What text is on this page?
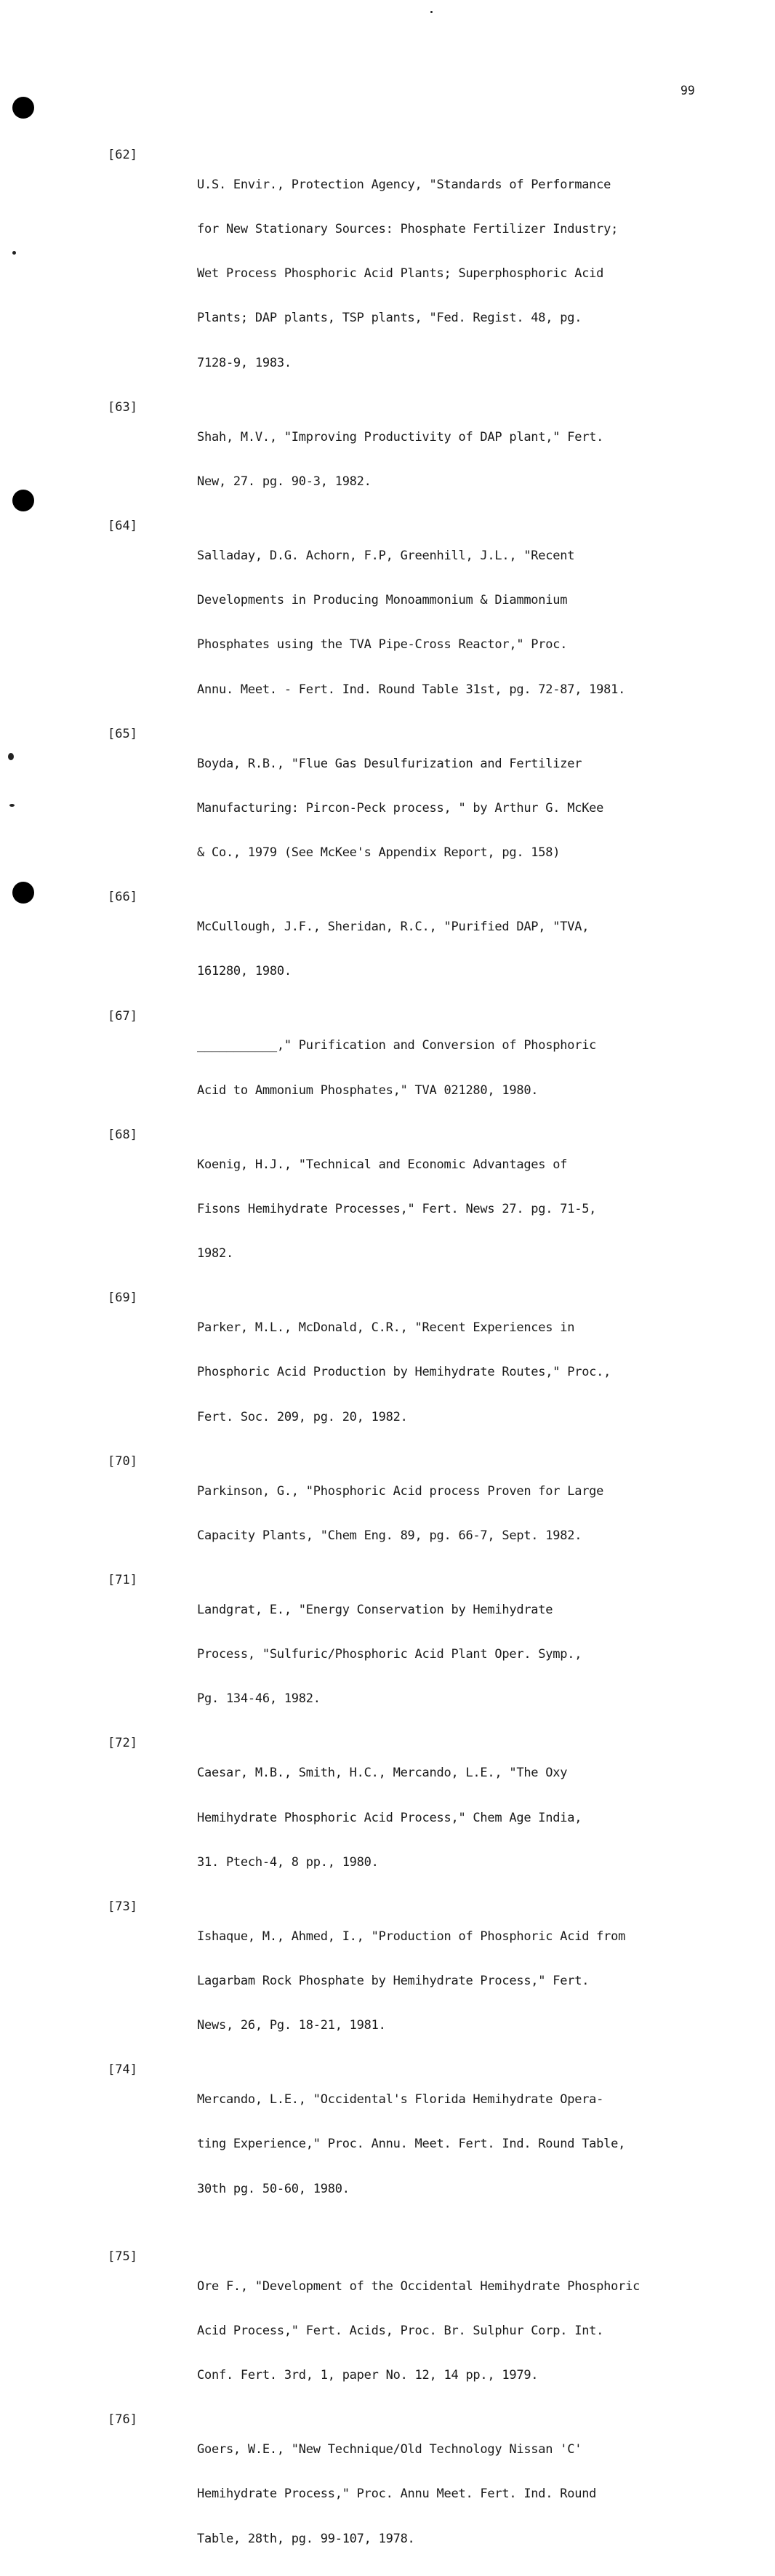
99
[62]

U.S. Envir., Protection Agency, "Standards of Performance

for New Stationary Sources: Phosphate Fertilizer Industry;

Wet Process Phosphoric Acid Plants; Superphosphoric Acid

Plants; DAP plants, TSP plants, "Fed. Regist. 48, pg.

7128-9, 1983.

[63]

Shah, M.V., "Improving Productivity of DAP plant," Fert.

New, 27. pg. 90-3, 1982.

[64]

Salladay, D.G. Achorn, F.P, Greenhill, J.L., "Recent

Developments in Producing Monoammonium & Diammonium

Phosphates using the TVA Pipe-Cross Reactor," Proc.

Annu. Meet. - Fert. Ind. Round Table 31st, pg. 72-87, 1981.

[65]

Boyda, R.B., "Flue Gas Desulfurization and Fertilizer

Manufacturing: Pircon-Peck process, " by Arthur G. McKee

& Co., 1979 (See McKee's Appendix Report, pg. 158)

[66]

McCullough, J.F., Sheridan, R.C., "Purified DAP, "TVA,

161280, 1980.

[67]

___________," Purification and Conversion of Phosphoric

Acid to Ammonium Phosphates," TVA 021280, 1980.

[68]

Koenig, H.J., "Technical and Economic Advantages of

Fisons Hemihydrate Processes," Fert. News 27. pg. 71-5,

1982.

[69]

Parker, M.L., McDonald, C.R., "Recent Experiences in

Phosphoric Acid Production by Hemihydrate Routes," Proc.,

Fert. Soc. 209, pg. 20, 1982.

[70]

Parkinson, G., "Phosphoric Acid process Proven for Large

Capacity Plants, "Chem Eng. 89, pg. 66-7, Sept. 1982.

[71]

Landgrat, E., "Energy Conservation by Hemihydrate

Process, "Sulfuric/Phosphoric Acid Plant Oper. Symp.,

Pg. 134-46, 1982.

[72]

Caesar, M.B., Smith, H.C., Mercando, L.E., "The Oxy

Hemihydrate Phosphoric Acid Process," Chem Age India,

31. Ptech-4, 8 pp., 1980.

[73]

Ishaque, M., Ahmed, I., "Production of Phosphoric Acid from

Lagarbam Rock Phosphate by Hemihydrate Process," Fert.

News, 26, Pg. 18-21, 1981.

[74]

Mercando, L.E., "Occidental's Florida Hemihydrate Opera-

ting Experience," Proc. Annu. Meet. Fert. Ind. Round Table,

30th pg. 50-60, 1980.

[75]

Ore F., "Development of the Occidental Hemihydrate Phosphoric

Acid Process," Fert. Acids, Proc. Br. Sulphur Corp. Int.

Conf. Fert. 3rd, 1, paper No. 12, 14 pp., 1979.

[76]

Goers, W.E., "New Technique/Old Technology Nissan 'C'

Hemihydrate Process," Proc. Annu Meet. Fert. Ind. Round

Table, 28th, pg. 99-107, 1978.
